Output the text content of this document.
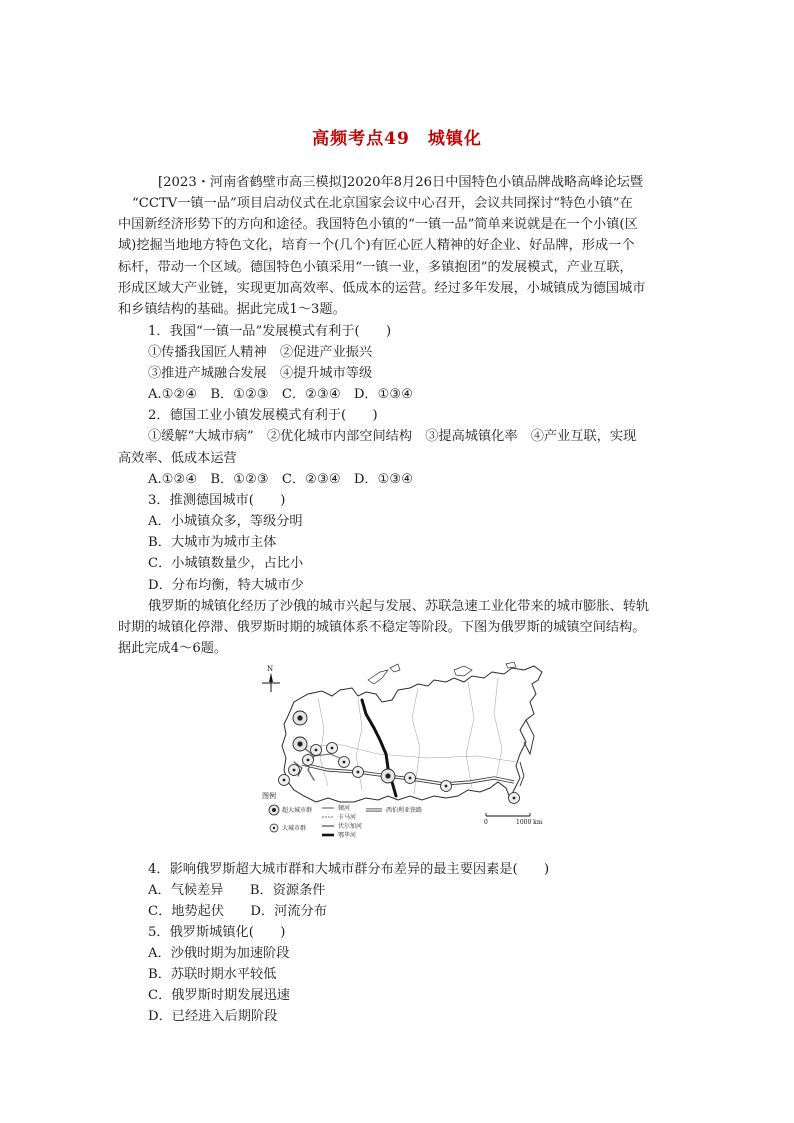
高频考点49　城镇化
[2023・河南省鹤壁市高三模拟]2020年8月26日中国特色小镇品牌战略高峰论坛暨
“CCTV一镇一品”项目启动仪式在北京国家会议中心召开，会议共同探讨“特色小镇”在
中国新经济形势下的方向和途径。我国特色小镇的“一镇一品”简单来说就是在一个小镇(区
域)挖掘当地地方特色文化，培育一个(几个)有匠心匠人精神的好企业、好品牌，形成一个
标杆，带动一个区域。德国特色小镇采用“一镇一业，多镇抱团”的发展模式，产业互联，
形成区域大产业链，实现更加高效率、低成本的运营。经过多年发展，小城镇成为德国城市
和乡镇结构的基础。据此完成1～3题。
1．我国“一镇一品”发展模式有利于(　　)
①传播我国匠人精神　②促进产业振兴
③推进产城融合发展　④提升城市等级
A.①②④　B．①②③　C．②③④　D．①③④
2．德国工业小镇发展模式有利于(　　)
①缓解“大城市病”　②优化城市内部空间结构　③提高城镇化率　④产业互联，实现
高效率、低成本运营
A.①②④　B．①②③　C．②③④　D．①③④
3．推测德国城市(　　)
A．小城镇众多，等级分明
B．大城市为城市主体
C．小城镇数量少，占比小
D．分布均衡，特大城市少
俄罗斯的城镇化经历了沙俄的城市兴起与发展、苏联急速工业化带来的城市膨胀、转轨
时期的城镇化停滞、俄罗斯时期的城镇体系不稳定等阶段。下图为俄罗斯的城镇空间结构。
据此完成4～6题。
N
图例
超大城市群
大城市群
顿河
卡马河
伏尔加河
鄂毕河
西伯利亚铁路
0	1000 km
4．影响俄罗斯超大城市群和大城市群分布差异的最主要因素是(　　)
A．气候差异　　B．资源条件
C．地势起伏　　D．河流分布
5．俄罗斯城镇化(　　)
A．沙俄时期为加速阶段
B．苏联时期水平较低
C．俄罗斯时期发展迅速
D．已经进入后期阶段
